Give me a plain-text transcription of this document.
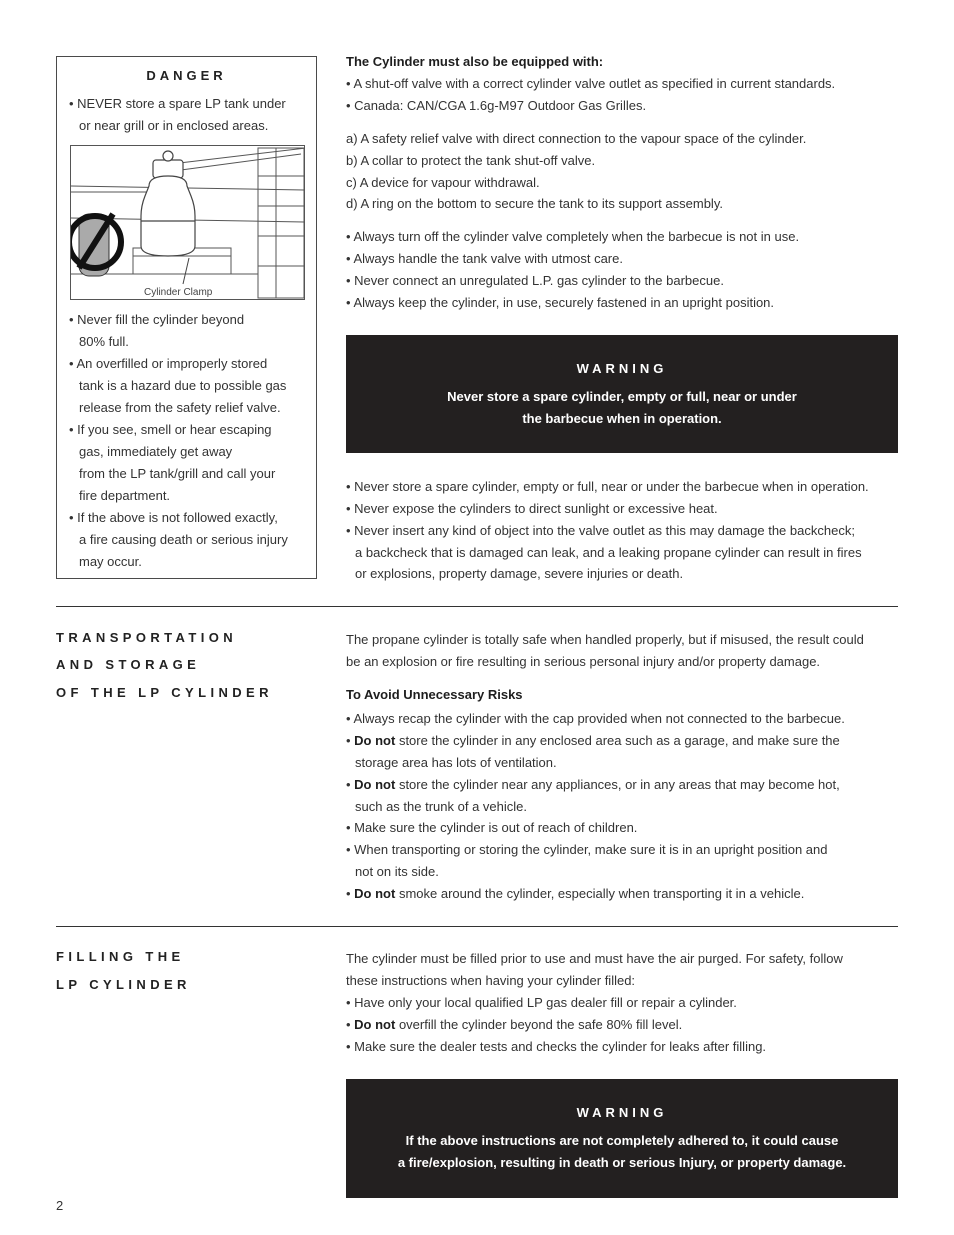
DANGER
• NEVER store a spare LP tank under
or near grill or in enclosed areas.
Cylinder Clamp
• Never fill the cylinder beyond
80% full.
• An overfilled or improperly stored
tank is a hazard due to possible gas
release from the safety relief valve.
• If you see, smell or hear escaping
gas, immediately get away
from the LP tank/grill and call your
fire department.
• If the above is not followed exactly,
a fire causing death or serious injury
may occur.
The Cylinder must also be equipped with:
• A shut-off valve with a correct cylinder valve outlet as specified in current standards.
• Canada: CAN/CGA 1.6g-M97 Outdoor Gas Grilles.
a) A safety relief valve with direct connection to the vapour space of the cylinder.
b) A collar to protect the tank shut-off valve.
c) A device for vapour withdrawal.
d) A ring on the bottom to secure the tank to its support assembly.
• Always turn off the cylinder valve completely when the barbecue is not in use.
• Always handle the tank valve with utmost care.
• Never connect an unregulated L.P. gas cylinder to the barbecue.
• Always keep the cylinder, in use, securely fastened in an upright position.
WARNING
Never store a spare cylinder, empty or full, near or under
the barbecue when in operation.
• Never store a spare cylinder, empty or full, near or under the barbecue when in operation.
• Never expose the cylinders to direct sunlight or excessive heat.
• Never insert any kind of object into the valve outlet as this may damage the backcheck;
a backcheck that is damaged can leak, and a leaking propane cylinder can result in fires
or explosions, property damage, severe injuries or death.
TRANSPORTATION
AND STORAGE
OF THE LP CYLINDER
The propane cylinder is totally safe when handled properly, but if misused, the result could
be an explosion or fire resulting in serious personal injury and/or property damage.
To Avoid Unnecessary Risks
• Always recap the cylinder with the cap provided when not connected to the barbecue.
• Do not store the cylinder in any enclosed area such as a garage, and make sure the
storage area has lots of ventilation.
• Do not store the cylinder near any appliances, or in any areas that may become hot,
such as the trunk of a vehicle.
• Make sure the cylinder is out of reach of children.
• When transporting or storing the cylinder, make sure it is in an upright position and
not on its side.
• Do not smoke around the cylinder, especially when transporting it in a vehicle.
FILLING THE
LP CYLINDER
The cylinder must be filled prior to use and must have the air purged. For safety, follow
these instructions when having your cylinder filled:
• Have only your local qualified LP gas dealer fill or repair a cylinder.
• Do not overfill the cylinder beyond the safe 80% fill level.
• Make sure the dealer tests and checks the cylinder for leaks after filling.
WARNING
If the above instructions are not completely adhered to, it could cause
a fire/explosion, resulting in death or serious Injury, or property damage.
2
